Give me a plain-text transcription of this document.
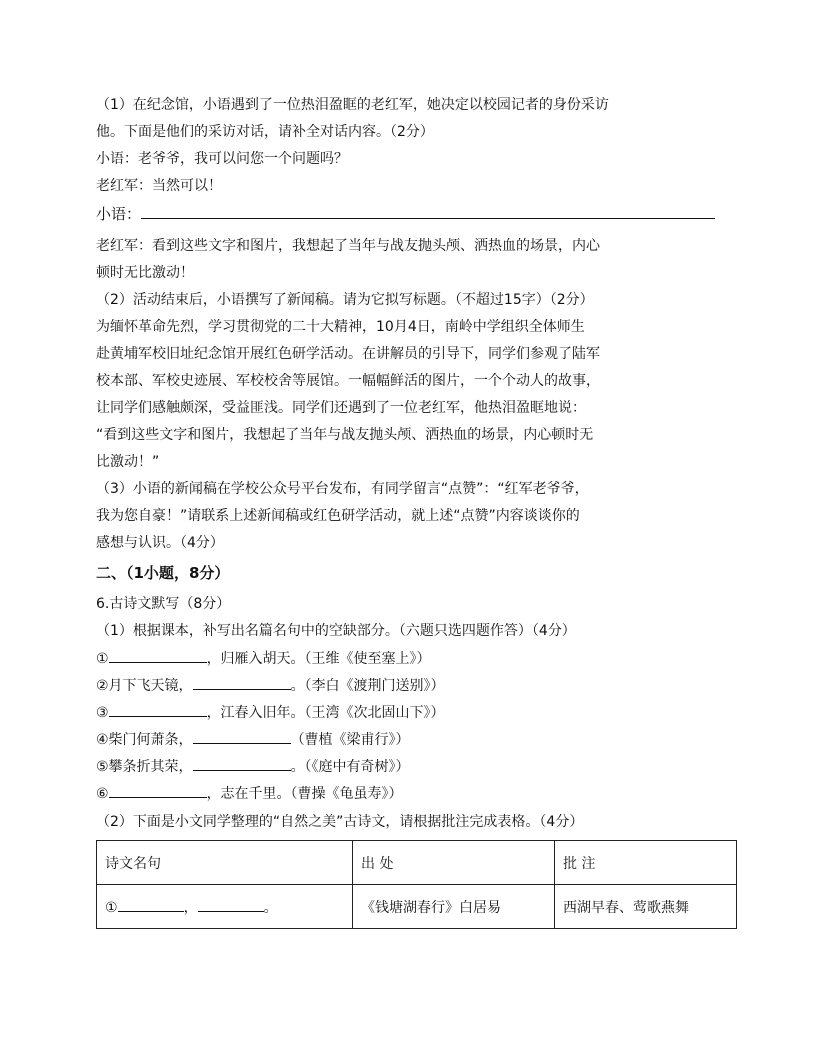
（1）在纪念馆，小语遇到了一位热泪盈眶的老红军，她决定以校园记者的身份采访
他。下面是他们的采访对话，请补全对话内容。（2分）
小语：老爷爷，我可以问您一个问题吗？
老红军：当然可以！
小语：
老红军：看到这些文字和图片，我想起了当年与战友抛头颅、洒热血的场景，内心
顿时无比激动！
（2）活动结束后，小语撰写了新闻稿。请为它拟写标题。（不超过15字）（2分）
为缅怀革命先烈，学习贯彻党的二十大精神，10月4日，南岭中学组织全体师生
赴黄埔军校旧址纪念馆开展红色研学活动。在讲解员的引导下，同学们参观了陆军
校本部、军校史迹展、军校校舍等展馆。一幅幅鲜活的图片，一个个动人的故事，
让同学们感触颇深，受益匪浅。同学们还遇到了一位老红军，他热泪盈眶地说：
“看到这些文字和图片，我想起了当年与战友抛头颅、洒热血的场景，内心顿时无
比激动！”
（3）小语的新闻稿在学校公众号平台发布，有同学留言“点赞”：“红军老爷爷，
我为您自豪！”请联系上述新闻稿或红色研学活动，就上述“点赞”内容谈谈你的
感想与认识。（4分）
二、（1小题，8分）
6.古诗文默写（8分）
（1）根据课本，补写出名篇名句中的空缺部分。（六题只选四题作答）（4分）
①	，归雁入胡天。（王维《使至塞上》）
②月下飞天镜，	。（李白《渡荆门送别》）
③	，江春入旧年。（王湾《次北固山下》）
④柴门何萧条，	（曹植《梁甫行》）
⑤攀条折其荣，	。（《庭中有奇树》）
⑥	，志在千里。（曹操《龟虽寿》）
（2）下面是小文同学整理的“自然之美”古诗文，请根据批注完成表格。（4分）
诗文名句	出 处	批 注
① ， 。	《钱塘湖春行》白居易	西湖早春、莺歌燕舞
